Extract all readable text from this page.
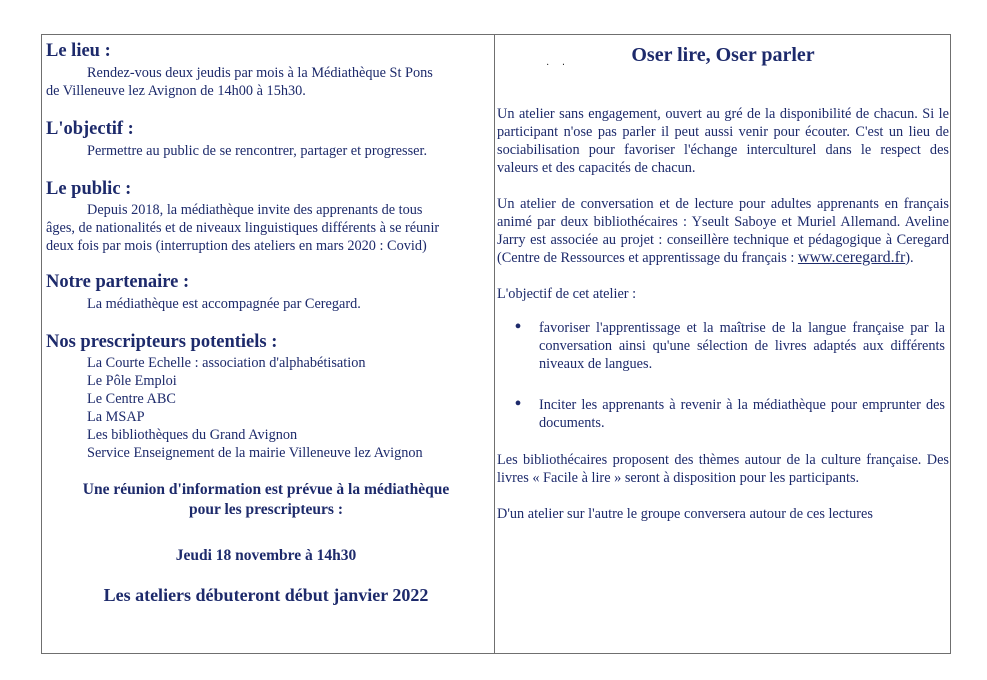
·     ‧
Le lieu :

Rendez-vous deux jeudis par mois à la Médiathèque St Pons

de Villeneuve lez Avignon de 14h00 à 15h30.

L'objectif :

Permettre au public de se rencontrer, partager et progresser.

Le public :

Depuis 2018, la médiathèque invite des apprenants de tous

âges, de nationalités et de niveaux linguistiques différents à se réunir

deux fois par mois (interruption des ateliers en mars 2020 : Covid)

Notre partenaire :

La médiathèque est accompagnée par Ceregard.

Nos prescripteurs potentiels :

La Courte Echelle : association d'alphabétisation

Le Pôle Emploi

Le Centre ABC

La MSAP

Les bibliothèques du Grand Avignon

Service Enseignement de la mairie Villeneuve lez Avignon

Une réunion d'information est prévue à la médiathèque

pour les prescripteurs :

Jeudi 18 novembre à 14h30

Les ateliers débuteront début janvier 2022

Oser lire, Oser parler

Un atelier sans engagement, ouvert au gré de la disponibilité de chacun. Si le participant n'ose pas parler il peut aussi venir pour écouter. C'est un lieu de sociabilisation pour favoriser l'échange interculturel dans le respect des valeurs et des capacités de chacun.

Un atelier de conversation et de lecture pour adultes apprenants en français animé par deux bibliothécaires : Yseult Saboye et Muriel Allemand. Aveline Jarry est associée au projet : conseillère technique et pédagogique à Ceregard (Centre de Ressources et apprentissage du français : www.ceregard.fr).

L'objectif de cet atelier :

•	favoriser l'apprentissage et la maîtrise de la langue française par la conversation ainsi qu'une sélection de livres adaptés aux différents niveaux de langues.
•	Inciter les apprenants à revenir à la médiathèque pour emprunter des documents.

Les bibliothécaires proposent des thèmes autour de la culture française. Des livres « Facile à lire » seront à disposition pour les participants.

D'un atelier sur l'autre le groupe conversera autour de ces lectures
